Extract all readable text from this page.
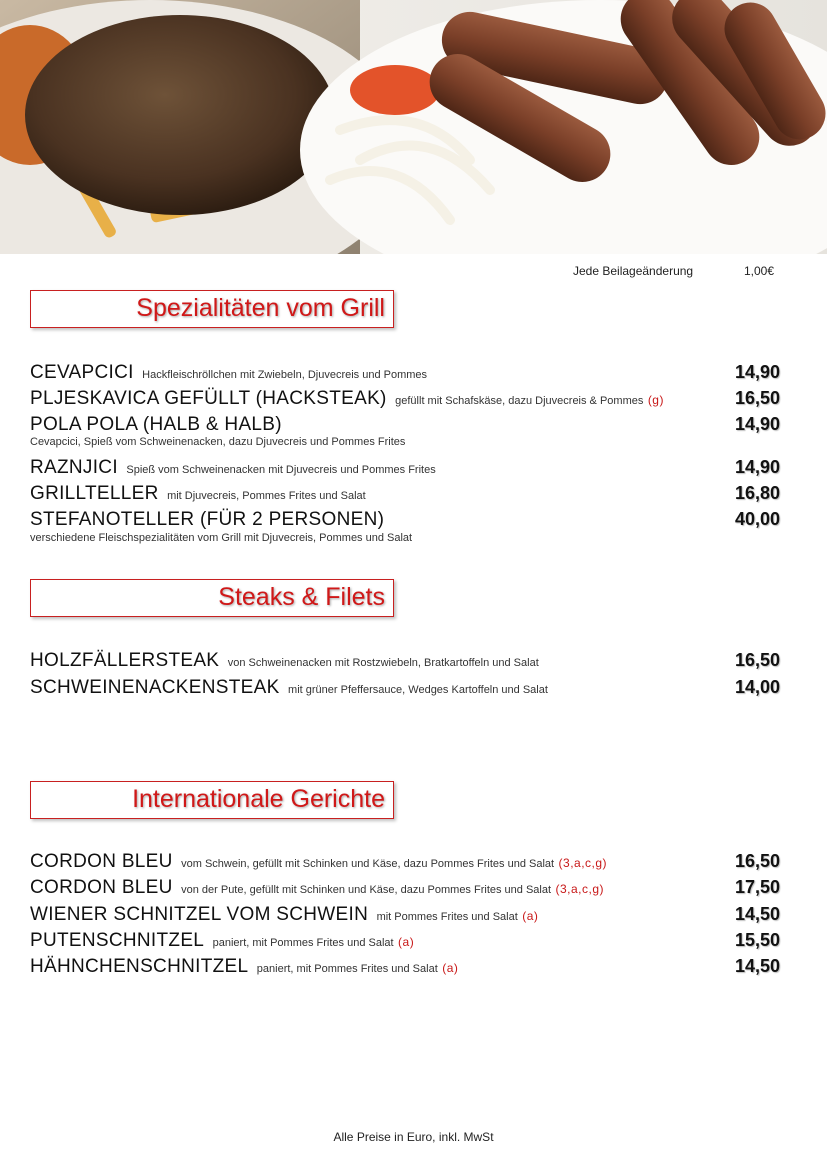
Jede Beilageänderung	1,00€
Spezialitäten vom Grill
CEVAPCICI Hackfleischröllchen mit Zwiebeln, Djuvecreis und Pommes	14,90
PLJESKAVICA GEFÜLLT (HACKSTEAK) gefüllt mit Schafskäse, dazu Djuvecreis & Pommes (g)	16,50
POLA POLA (HALB & HALB)	14,90
Cevapcici, Spieß vom Schweinenacken, dazu Djuvecreis und Pommes Frites
RAZNJICI Spieß vom Schweinenacken mit Djuvecreis und Pommes Frites	14,90
GRILLTELLER mit Djuvecreis, Pommes Frites und Salat	16,80
STEFANOTELLER (FÜR 2 PERSONEN)	40,00
verschiedene Fleischspezialitäten vom Grill mit Djuvecreis, Pommes und Salat
Steaks & Filets
HOLZFÄLLERSTEAK von Schweinenacken mit Rostzwiebeln, Bratkartoffeln und Salat	16,50
SCHWEINENACKENSTEAK mit grüner Pfeffersauce, Wedges Kartoffeln und Salat	14,00
Internationale Gerichte
CORDON BLEU vom Schwein, gefüllt mit Schinken und Käse, dazu Pommes Frites und Salat (3,a,c,g)	16,50
CORDON BLEU von der Pute, gefüllt mit Schinken und Käse, dazu Pommes Frites und Salat (3,a,c,g)	17,50
WIENER SCHNITZEL VOM SCHWEIN mit Pommes Frites und Salat (a)	14,50
PUTENSCHNITZEL paniert, mit Pommes Frites und Salat (a)	15,50
HÄHNCHENSCHNITZEL paniert, mit Pommes Frites und Salat (a)	14,50
Alle Preise in Euro, inkl. MwSt
